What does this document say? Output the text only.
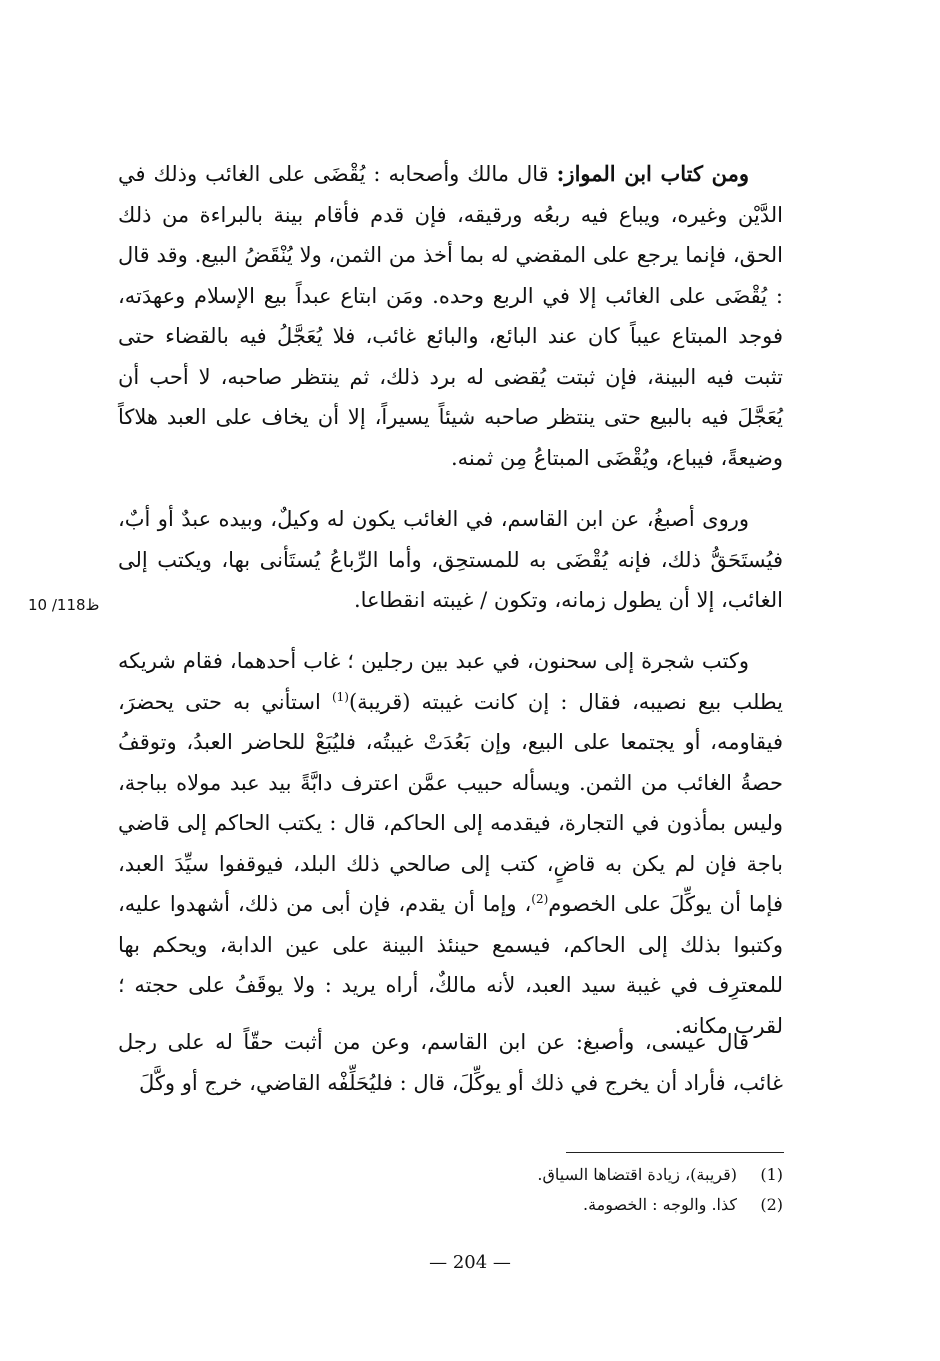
10 /118ظ

ومن كتاب ابن المواز: قال مالك وأصحابه : يُقْضَى على الغائب وذلك في الدَّيْن وغيره، ويباع فيه ربعُه ورقيقه، فإن قدم فأقام بينة بالبراءة من ذلك الحق، فإنما يرجع على المقضي له بما أخذ من الثمن، ولا يُنْقَضُ البيع. وقد قال : يُقْضَى على الغائب إلا في الربع وحده. ومَن ابتاع عبداً بيع الإسلام وعهدَته، فوجد المبتاع عيباً كان عند البائع، والبائع غائب، فلا يُعَجَّلُ فيه بالقضاء حتى تثبت فيه البينة، فإن ثبتت يُقضى له برد ذلك، ثم ينتظر صاحبه، لا أحب أن يُعَجَّلَ فيه بالبيع حتى ينتظر صاحبه شيئاً يسيراً، إلا أن يخاف على العبد هلاكاً وضيعةً، فيباع، ويُقْضَى المبتاعُ مِن ثمنه.

وروى أصبغُ، عن ابن القاسم، في الغائب يكون له وكيلٌ، وبيده عبدٌ أو أبٌ، فيُستَحَقُّ ذلك، فإنه يُقْضَى به للمستحِق، وأما الرِّباعُ يُستَأنى بها، ويكتب إلى الغائب، إلا أن يطول زمانه، وتكون / غيبته انقطاعا.

وكتب شجرة إلى سحنون، في عبد بين رجلين ؛ غاب أحدهما، فقام شريكه يطلب بيع نصيبه، فقال : إن كانت غيبته (قريبة)$^{(1)}$ استأني به حتى يحضرَ، فيقاومه، أو يجتمعا على البيع، وإن بَعُدَتْ غيبتُه، فليُبَعْ للحاضر العبدُ، وتوقفُ حصةُ الغائب من الثمن. ويسأله حبيب عمَّن اعترف دابَّةً بيد عبد مولاه بباجة، وليس بمأذون في التجارة، فيقدمه إلى الحاكم، قال : يكتب الحاكم إلى قاضي باجة فإن لم يكن به قاضٍ، كتب إلى صالحي ذلك البلد، فيوقفوا سيِّدَ العبد، فإما أن يوكِّلَ على الخصوم$^{(2)}$، وإما أن يقدم، فإن أبى من ذلك، أشهدوا عليه، وكتبوا بذلك إلى الحاكم، فيسمع حينئذ البينة على عين الدابة، ويحكم بها للمعترِف في غيبة سيد العبد، لأنه مالكٌ، أراه يريد : ولا يوقَفُ على حجته ؛ لقرب مكانه.

قال عيسى، وأصبغ: عن ابن القاسم، وعن من أثبت حقّاً له على رجل غائب، فأراد أن يخرج في ذلك أو يوكِّلَ، قال : فليُحَلِّفْه القاضي، خرج أو وكَّلَ

(1)
(قريبة)، زيادة اقتضاها السياق.
(2)
كذا. والوجه : الخصومة.
— 204 —
